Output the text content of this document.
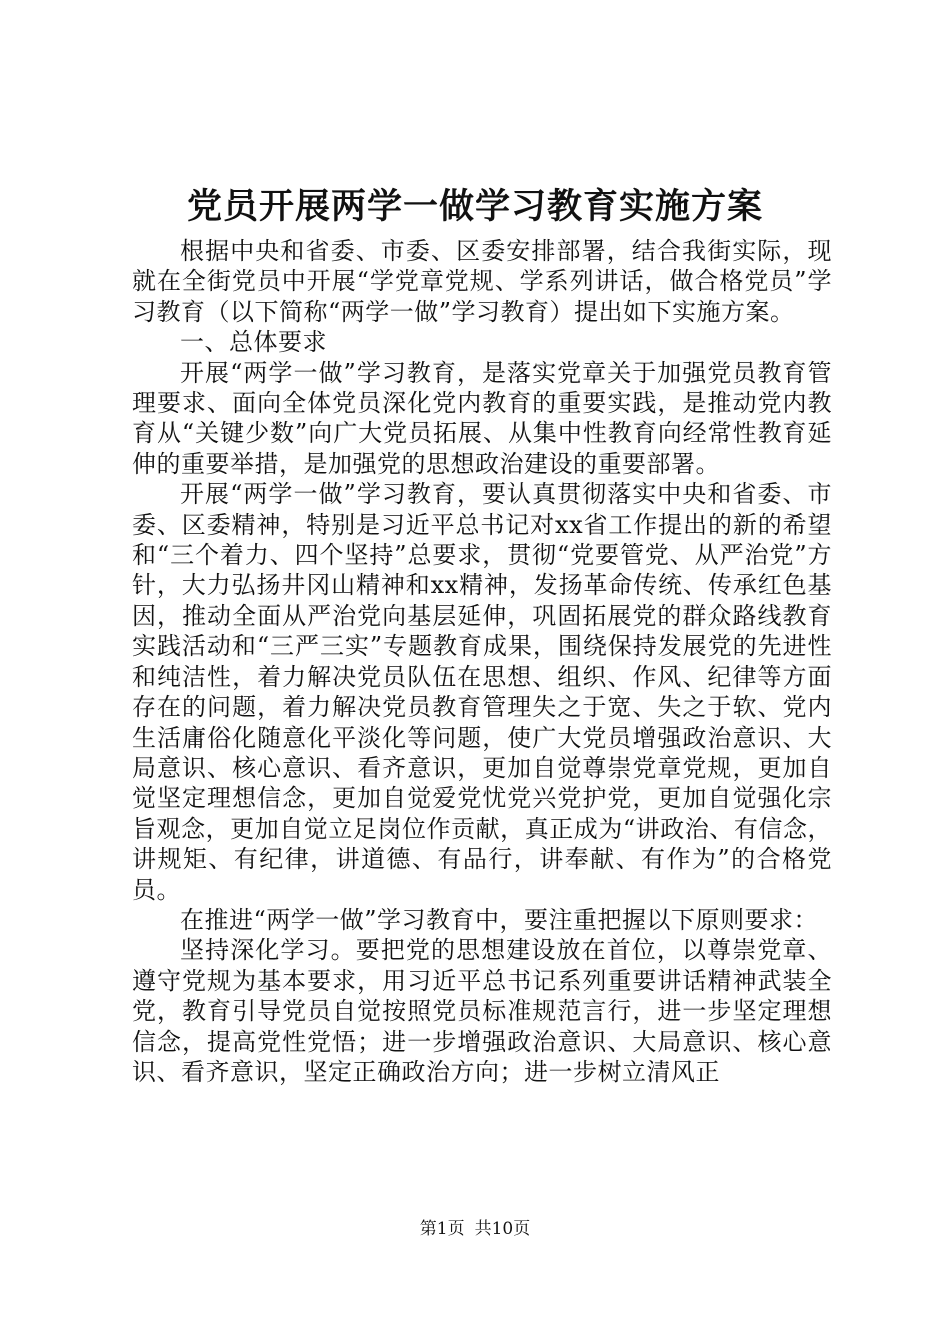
党员开展两学一做学习教育实施方案

根据中央和省委、市委、区委安排部署，结合我街实际，现就在全街党员中开展“学党章党规、学系列讲话，做合格党员”学习教育（以下简称“两学一做”学习教育）提出如下实施方案。

一、总体要求

开展“两学一做”学习教育，是落实党章关于加强党员教育管理要求、面向全体党员深化党内教育的重要实践，是推动党内教育从“关键少数”向广大党员拓展、从集中性教育向经常性教育延伸的重要举措，是加强党的思想政治建设的重要部署。

开展“两学一做”学习教育，要认真贯彻落实中央和省委、市委、区委精神，特别是习近平总书记对xx省工作提出的新的希望和“三个着力、四个坚持”总要求，贯彻“党要管党、从严治党”方针，大力弘扬井冈山精神和xx精神，发扬革命传统、传承红色基因，推动全面从严治党向基层延伸，巩固拓展党的群众路线教育实践活动和“三严三实”专题教育成果，围绕保持发展党的先进性和纯洁性，着力解决党员队伍在思想、组织、作风、纪律等方面存在的问题，着力解决党员教育管理失之于宽、失之于软、党内生活庸俗化随意化平淡化等问题，使广大党员增强政治意识、大局意识、核心意识、看齐意识，更加自觉尊崇党章党规，更加自觉坚定理想信念，更加自觉爱党忧党兴党护党，更加自觉强化宗旨观念，更加自觉立足岗位作贡献，真正成为“讲政治、有信念，讲规矩、有纪律，讲道德、有品行，讲奉献、有作为”的合格党员。

在推进“两学一做”学习教育中，要注重把握以下原则要求：

坚持深化学习。要把党的思想建设放在首位，以尊崇党章、遵守党规为基本要求，用习近平总书记系列重要讲话精神武装全党，教育引导党员自觉按照党员标准规范言行，进一步坚定理想信念，提高党性党悟；进一步增强政治意识、大局意识、核心意识、看齐意识，坚定正确政治方向；进一步树立清风正

第1页 共10页
